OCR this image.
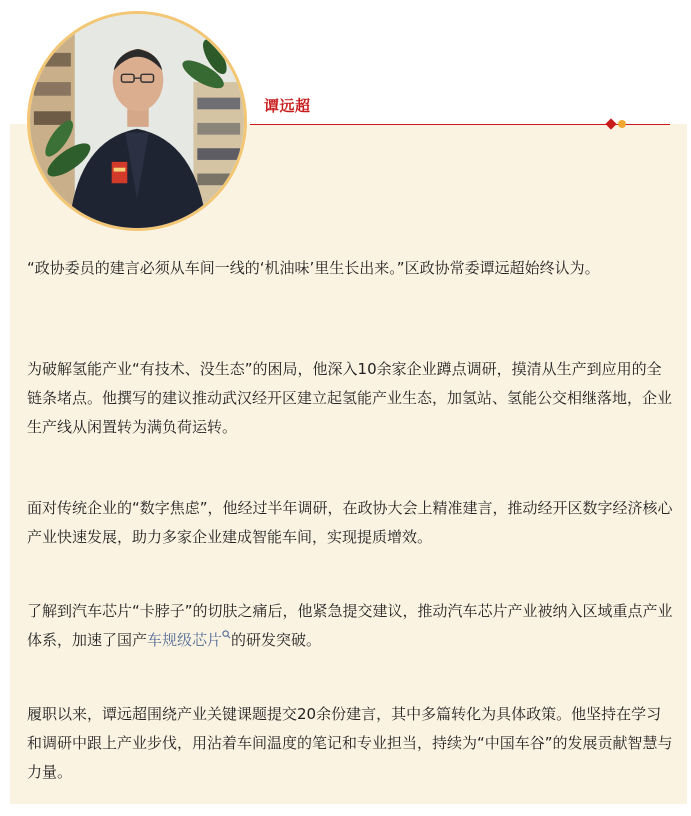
谭远超

“政协委员的建言必须从车间一线的‘机油味’里生长出来。”区政协常委谭远超始终认为。

为破解氢能产业“有技术、没生态”的困局，他深入10余家企业蹲点调研，摸清从生产到应用的全链条堵点。他撰写的建议推动武汉经开区建立起氢能产业生态，加氢站、氢能公交相继落地，企业生产线从闲置转为满负荷运转。

面对传统企业的“数字焦虑”，他经过半年调研，在政协大会上精准建言，推动经开区数字经济核心产业快速发展，助力多家企业建成智能车间，实现提质增效。

了解到汽车芯片“卡脖子”的切肤之痛后，他紧急提交建议，推动汽车芯片产业被纳入区域重点产业体系，加速了国产车规级芯片 的研发突破。

履职以来，谭远超围绕产业关键课题提交20余份建言，其中多篇转化为具体政策。他坚持在学习和调研中跟上产业步伐，用沾着车间温度的笔记和专业担当，持续为“中国车谷”的发展贡献智慧与力量。
